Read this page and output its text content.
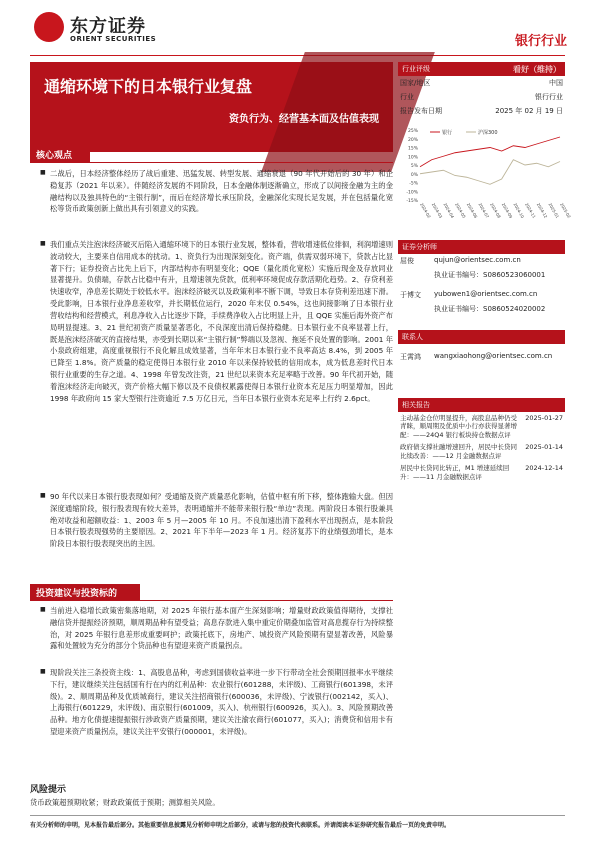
东方证券
ORIENT SECURITIES	银行行业
通缩环境下的日本银行业复盘
资负行为、经营基本面及估值表现
行业评级	看好（维持）
国家/地区	中国
行业	银行行业
报告发布日期	2025 年 02 月 19 日
25%
20%
15%
10%
5%
0%
-5%
-10%
-15%
2024-02
2024-03
2024-04
2024-05
2024-06
2024-07
2024-08
2024-09
2024-10
2024-11
2024-12
2025-01
2025-02
银行	沪深300
证券分析师
屈俊	qujun@orientsec.com.cn
执业证书编号：S0860523060001
于博文	yubowen1@orientsec.com.cn
执业证书编号：S0860524020002
联系人
王霄鸿	wangxiaohong@orientsec.com.cn
相关报告
主动基金仓位明显提升，高股息品种仍受青睐，顺周期及优质中小行亦获得显著增配：——24Q4 银行板块持仓数据点评
2025-01-27
政府债支撑社融增速回升，居民中长贷同比续改善：——12 月金融数据点评
2025-01-14
居民中长贷同比转正，M1 增速延续回升：——11 月金融数据点评
2024-12-14
核心观点
■ 二战后，日本经济整体经历了战后重建、迅猛发展、转型发展、通缩衰退（90 年代开始后的 30 年）和企稳复苏（2021 年以来）。伴随经济发展的不同阶段，日本金融体制逐渐确立，形成了以间接金融为主的金融结构以及独具特色的“主银行制”，而后在经济增长承压阶段，金融深化实现长足发展，并在包括量化宽松等货币政策创新上做出具有引领意义的实践。
■ 我们重点关注泡沫经济破灭后陷入通缩环境下的日本银行业发展，整体看，营收增速低位徘徊，利润增速则波动较大，主要来自信用成本的扰动。1、资负行为出现深刻变化。资产端，供需双弱环境下，贷款占比显著下行；证券投资占比先上后下，内部结构亦有明显变化；QQE（量化质化宽松）实施后现金及存放同业显著提升。负债端，存款占比稳中有升，且增速领先贷款，低利率环境促成存款活期化趋势。2、存贷利差快速收窄，净息差长期处于较低水平。泡沫经济破灭以及政策利率不断下调，导致日本存贷利差迅速下滑。受此影响，日本银行业净息差收窄，并长期低位运行，2020 年末仅 0.54%，这也间接影响了日本银行业营收结构和经营模式，利息净收入占比逐步下降，手续费净收入占比明显上升，且 QQE 实施后海外资产布局明显提速。3、21 世纪初资产质量显著恶化，不良深度出清后保持稳健。日本银行业不良率显著上行，既是泡沫经济破灭的直接结果，亦受到长期以来“主银行制”弊端以及忽视、拖延不良处置的影响。2001 年小泉政府组建，高度重视银行不良化解且成效显著，当年年末日本银行业不良率高达 8.4%，到 2005 年已降至 1.8%。资产质量的稳定使得日本银行业 2010 年以来保持较低的信用成本，成为低息差时代日本银行业重要的生存之道。4、1998 年曾发改注资，21 世纪以来资本充足率略于改善。90 年代初开始，随着泡沫经济走向破灭，资产价格大幅下修以及不良债权累露使得日本银行业资本充足压力明显增加，因此 1998 年政府向 15 家大型银行注资逾近 7.5 万亿日元，当年日本银行业资本充足率上行约 2.6pct。
■ 90 年代以来日本银行股表现如何？受通缩及资产质量恶化影响，估值中枢有所下移，整体跑输大盘。但因深度通缩阶段，银行股表现有较大差异，表明通缩并不能带来银行股“单边”表现。两阶段日本银行股兼具绝对收益和超额收益：1、2003 年 5 月—2005 年 10 月。不良加速出清下盈利水平出现拐点，是本阶段日本银行股表现强势的主要原因。2、2021 年下半年—2023 年 1 月。经济复苏下的业绩强劲增长，是本阶段日本银行股表现突出的主因。
投资建议与投资标的
■ 当前进入稳增长政策密集落地期，对 2025 年银行基本面产生深刻影响；增量财政政策值得期待，支撑社融信贷并提振经济预期，顺周期品种有望受益；高息存款进入集中重定价期叠加监管对高息揽存行为持续整治，对 2025 年银行息差形成重要呵护；政策托底下，房地产、城投资产风险预期有望显著改善，风险暴露和处置较为充分的部分个贷品种也有望迎来资产质量拐点。
■ 现阶段关注三条投资主线：1、高股息品种，考虑到国债收益率进一步下行带动全社会预期回报率水平继续下行，建议继续关注包括国有行在内的红利品种：农业银行(601288，未评级)、工商银行(601398，未评级)。2、顺周期品种及优质城商行，建议关注招商银行(600036，未评级)、宁波银行(002142，买入)、上海银行(601229，未评级)、南京银行(601009，买入)、杭州银行(600926，买入)。3、风险预期改善品种。地方化债提速提振银行涉政资产质量预期，建议关注渝农商行(601077，买入)；消费贷和信用卡有望迎来资产质量拐点，建议关注平安银行(000001，未评级)。
风险提示
货币政策超预期收紧；财政政策低于预期；测算相关风险。
有关分析师的申明，见本报告最后部分。其他重要信息披露见分析师申明之后部分，或请与您的投资代表联系。并请阅读本证券研究报告最后一页的免责申明。
